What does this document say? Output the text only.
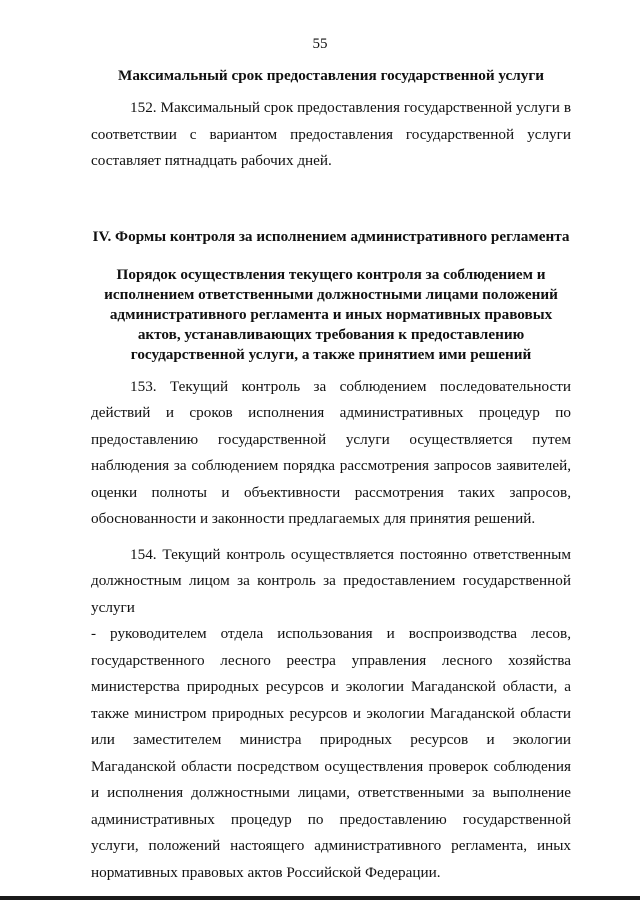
55

Максимальный срок предоставления государственной услуги

152. Максимальный срок предоставления государственной услуги в соответствии с вариантом предоставления государственной услуги составляет пятнадцать рабочих дней.

IV. Формы контроля за исполнением административного регламента

Порядок осуществления текущего контроля за соблюдением и исполнением ответственными должностными лицами положений административного регламента и иных нормативных правовых актов, устанавливающих требования к предоставлению государственной услуги, а также принятием ими решений

153. Текущий контроль за соблюдением последовательности действий и сроков исполнения административных процедур по предоставлению государственной услуги осуществляется путем наблюдения за соблюдением порядка рассмотрения запросов заявителей, оценки полноты и объективности рассмотрения таких запросов, обоснованности и законности предлагаемых для принятия решений.

154. Текущий контроль осуществляется постоянно ответственным должностным лицом за контроль за предоставлением государственной услуги

- руководителем отдела использования и воспроизводства лесов, государственного лесного реестра управления лесного хозяйства министерства природных ресурсов и экологии Магаданской области, а также министром природных ресурсов и экологии Магаданской области или заместителем министра природных ресурсов и экологии Магаданской области посредством осуществления проверок соблюдения и исполнения должностными лицами, ответственными за выполнение административных процедур по предоставлению государственной услуги, положений настоящего административного регламента, иных нормативных правовых актов Российской Федерации.
